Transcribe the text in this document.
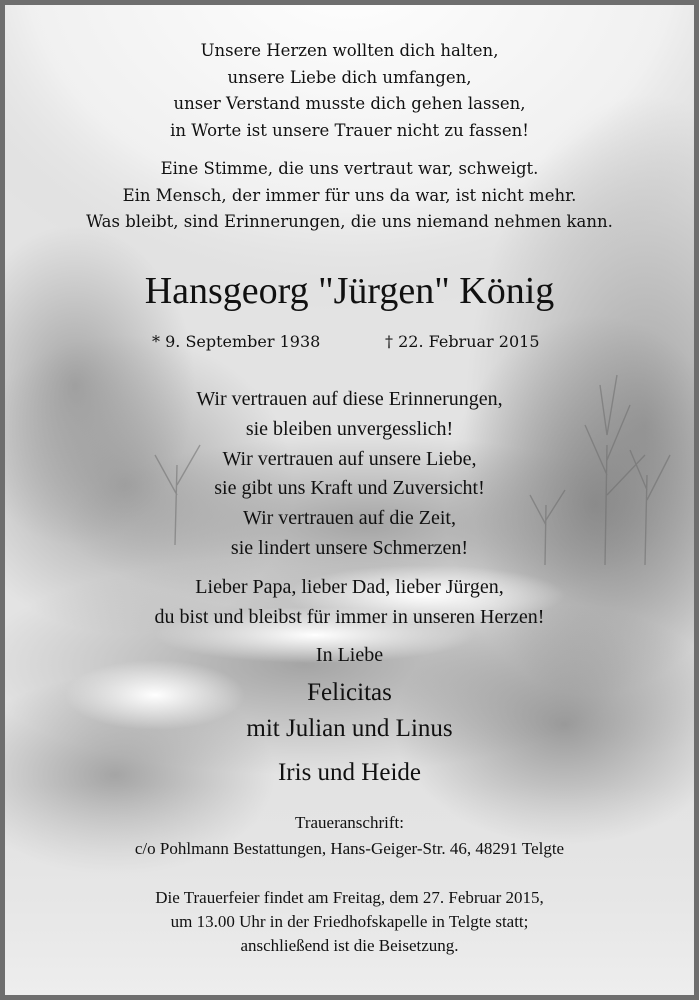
Unsere Herzen wollten dich halten,
unsere Liebe dich umfangen,
unser Verstand musste dich gehen lassen,
in Worte ist unsere Trauer nicht zu fassen!
Eine Stimme, die uns vertraut war, schweigt.
Ein Mensch, der immer für uns da war, ist nicht mehr.
Was bleibt, sind Erinnerungen, die uns niemand nehmen kann.
Hansgeorg "Jürgen" König
* 9. September 1938	† 22. Februar 2015
Wir vertrauen auf diese Erinnerungen,
sie bleiben unvergesslich!
Wir vertrauen auf unsere Liebe,
sie gibt uns Kraft und Zuversicht!
Wir vertrauen auf die Zeit,
sie lindert unsere Schmerzen!
Lieber Papa, lieber Dad, lieber Jürgen,
du bist und bleibst für immer in unseren Herzen!
In Liebe
Felicitas
mit Julian und Linus
Iris und Heide
Traueranschrift:
c/o Pohlmann Bestattungen, Hans-Geiger-Str. 46, 48291 Telgte
Die Trauerfeier findet am Freitag, dem 27. Februar 2015,
um 13.00 Uhr in der Friedhofskapelle in Telgte statt;
anschließend ist die Beisetzung.
